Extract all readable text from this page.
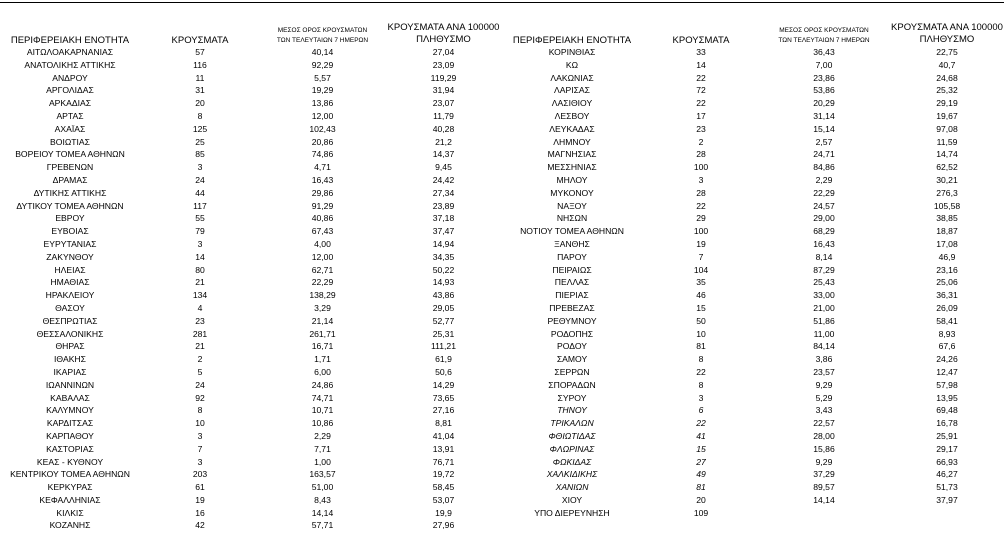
ΠΕΡΙΦΕΡΕΙΑΚΗ ΕΝΟΤΗΤΑ	ΚΡΟΥΣΜΑΤΑ	ΜΕΣΟΣ ΟΡΟΣ ΚΡΟΥΣΜΑΤΩΝ
ΤΩΝ ΤΕΛΕΥΤΑΙΩΝ 7 ΗΜΕΡΩΝ	ΚΡΟΥΣΜΑΤΑ ΑΝΑ 100000
ΠΛΗΘΥΣΜΟ
ΑΙΤΩΛΟΑΚΑΡΝΑΝΙΑΣ	57	40,14	27,04
ΑΝΑΤΟΛΙΚΗΣ ΑΤΤΙΚΗΣ	116	92,29	23,09
ΑΝΔΡΟΥ	11	5,57	119,29
ΑΡΓΟΛΙΔΑΣ	31	19,29	31,94
ΑΡΚΑΔΙΑΣ	20	13,86	23,07
ΑΡΤΑΣ	8	12,00	11,79
ΑΧΑΪΑΣ	125	102,43	40,28
ΒΟΙΩΤΙΑΣ	25	20,86	21,2
ΒΟΡΕΙΟΥ ΤΟΜΕΑ ΑΘΗΝΩΝ	85	74,86	14,37
ΓΡΕΒΕΝΩΝ	3	4,71	9,45
ΔΡΑΜΑΣ	24	16,43	24,42
ΔΥΤΙΚΗΣ ΑΤΤΙΚΗΣ	44	29,86	27,34
ΔΥΤΙΚΟΥ ΤΟΜΕΑ ΑΘΗΝΩΝ	117	91,29	23,89
ΕΒΡΟΥ	55	40,86	37,18
ΕΥΒΟΙΑΣ	79	67,43	37,47
ΕΥΡΥΤΑΝΙΑΣ	3	4,00	14,94
ΖΑΚΥΝΘΟΥ	14	12,00	34,35
ΗΛΕΙΑΣ	80	62,71	50,22
ΗΜΑΘΙΑΣ	21	22,29	14,93
ΗΡΑΚΛΕΙΟΥ	134	138,29	43,86
ΘΑΣΟΥ	4	3,29	29,05
ΘΕΣΠΡΩΤΙΑΣ	23	21,14	52,77
ΘΕΣΣΑΛΟΝΙΚΗΣ	281	261,71	25,31
ΘΗΡΑΣ	21	16,71	111,21
ΙΘΑΚΗΣ	2	1,71	61,9
ΙΚΑΡΙΑΣ	5	6,00	50,6
ΙΩΑΝΝΙΝΩΝ	24	24,86	14,29
ΚΑΒΑΛΑΣ	92	74,71	73,65
ΚΑΛΥΜΝΟΥ	8	10,71	27,16
ΚΑΡΔΙΤΣΑΣ	10	10,86	8,81
ΚΑΡΠΑΘΟΥ	3	2,29	41,04
ΚΑΣΤΟΡΙΑΣ	7	7,71	13,91
ΚΕΑΣ - ΚΥΘΝΟΥ	3	1,00	76,71
ΚΕΝΤΡΙΚΟΥ ΤΟΜΕΑ ΑΘΗΝΩΝ	203	163,57	19,72
ΚΕΡΚΥΡΑΣ	61	51,00	58,45
ΚΕΦΑΛΛΗΝΙΑΣ	19	8,43	53,07
ΚΙΛΚΙΣ	16	14,14	19,9
ΚΟΖΑΝΗΣ	42	57,71	27,96
ΠΕΡΙΦΕΡΕΙΑΚΗ ΕΝΟΤΗΤΑ	ΚΡΟΥΣΜΑΤΑ	ΜΕΣΟΣ ΟΡΟΣ ΚΡΟΥΣΜΑΤΩΝ
ΤΩΝ ΤΕΛΕΥΤΑΙΩΝ 7 ΗΜΕΡΩΝ	ΚΡΟΥΣΜΑΤΑ ΑΝΑ 100000
ΠΛΗΘΥΣΜΟ
ΚΟΡΙΝΘΙΑΣ	33	36,43	22,75
ΚΩ	14	7,00	40,7
ΛΑΚΩΝΙΑΣ	22	23,86	24,68
ΛΑΡΙΣΑΣ	72	53,86	25,32
ΛΑΣΙΘΙΟΥ	22	20,29	29,19
ΛΕΣΒΟΥ	17	31,14	19,67
ΛΕΥΚΑΔΑΣ	23	15,14	97,08
ΛΗΜΝΟΥ	2	2,57	11,59
ΜΑΓΝΗΣΙΑΣ	28	24,71	14,74
ΜΕΣΣΗΝΙΑΣ	100	84,86	62,52
ΜΗΛΟΥ	3	2,29	30,21
ΜΥΚΟΝΟΥ	28	22,29	276,3
ΝΑΞΟΥ	22	24,57	105,58
ΝΗΣΩΝ	29	29,00	38,85
ΝΟΤΙΟΥ ΤΟΜΕΑ ΑΘΗΝΩΝ	100	68,29	18,87
ΞΑΝΘΗΣ	19	16,43	17,08
ΠΑΡΟΥ	7	8,14	46,9
ΠΕΙΡΑΙΩΣ	104	87,29	23,16
ΠΕΛΛΑΣ	35	25,43	25,06
ΠΙΕΡΙΑΣ	46	33,00	36,31
ΠΡΕΒΕΖΑΣ	15	21,00	26,09
ΡΕΘΥΜΝΟΥ	50	51,86	58,41
ΡΟΔΟΠΗΣ	10	11,00	8,93
ΡΟΔΟΥ	81	84,14	67,6
ΣΑΜΟΥ	8	3,86	24,26
ΣΕΡΡΩΝ	22	23,57	12,47
ΣΠΟΡΑΔΩΝ	8	9,29	57,98
ΣΥΡΟΥ	3	5,29	13,95
ΤΗΝΟΥ	6	3,43	69,48
ΤΡΙΚΑΛΩΝ	22	22,57	16,78
ΦΘΙΩΤΙΔΑΣ	41	28,00	25,91
ΦΛΩΡΙΝΑΣ	15	15,86	29,17
ΦΩΚΙΔΑΣ	27	9,29	66,93
ΧΑΛΚΙΔΙΚΗΣ	49	37,29	46,27
ΧΑΝΙΩΝ	81	89,57	51,73
ΧΙΟΥ	20	14,14	37,97
ΥΠΟ ΔΙΕΡΕΥΝΗΣΗ	109		
